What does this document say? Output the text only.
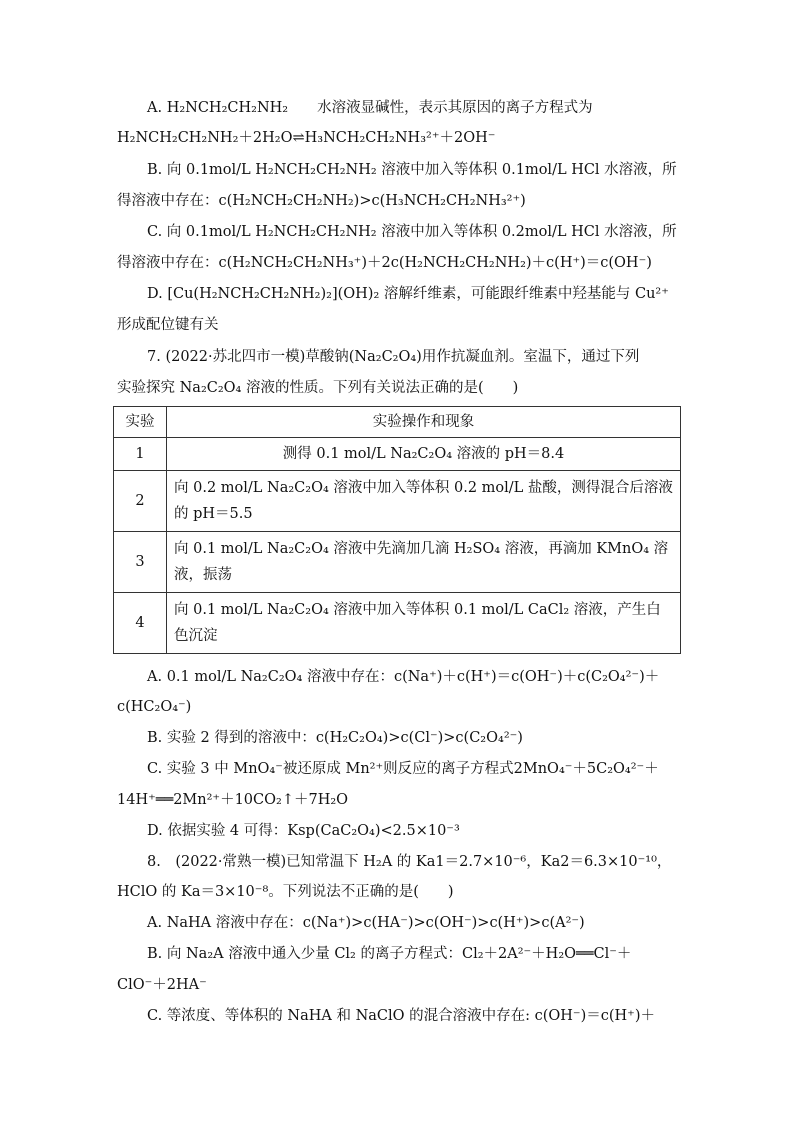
A. H₂NCH₂CH₂NH₂　　水溶液显碱性，表示其原因的离子方程式为
H₂NCH₂CH₂NH₂＋2H₂O⇌H₃NCH₂CH₂NH₃²⁺＋2OH⁻
B. 向 0.1mol/L H₂NCH₂CH₂NH₂ 溶液中加入等体积 0.1mol/L HCl 水溶液，所
得溶液中存在：c(H₂NCH₂CH₂NH₂)>c(H₃NCH₂CH₂NH₃²⁺)
C. 向 0.1mol/L H₂NCH₂CH₂NH₂ 溶液中加入等体积 0.2mol/L HCl 水溶液，所
得溶液中存在：c(H₂NCH₂CH₂NH₃⁺)＋2c(H₂NCH₂CH₂NH₂)＋c(H⁺)＝c(OH⁻)
D. [Cu(H₂NCH₂CH₂NH₂)₂](OH)₂ 溶解纤维素，可能跟纤维素中羟基能与 Cu²⁺
形成配位键有关
7. (2022·苏北四市一模)草酸钠(Na₂C₂O₄)用作抗凝血剂。室温下，通过下列
实验探究 Na₂C₂O₄ 溶液的性质。下列有关说法正确的是(　　)
实验	实验操作和现象
1	测得 0.1 mol/L Na₂C₂O₄ 溶液的 pH＝8.4
2	向 0.2 mol/L Na₂C₂O₄ 溶液中加入等体积 0.2 mol/L 盐酸，测得混合后溶液的 pH＝5.5
3	向 0.1 mol/L Na₂C₂O₄ 溶液中先滴加几滴 H₂SO₄ 溶液，再滴加 KMnO₄ 溶液，振荡
4	向 0.1 mol/L Na₂C₂O₄ 溶液中加入等体积 0.1 mol/L CaCl₂ 溶液，产生白色沉淀
A. 0.1 mol/L Na₂C₂O₄ 溶液中存在：c(Na⁺)＋c(H⁺)＝c(OH⁻)＋c(C₂O₄²⁻)＋
c(HC₂O₄⁻)
B. 实验 2 得到的溶液中：c(H₂C₂O₄)>c(Cl⁻)>c(C₂O₄²⁻)
C. 实验 3 中 MnO₄⁻被还原成 Mn²⁺则反应的离子方程式2MnO₄⁻＋5C₂O₄²⁻＋
14H⁺══2Mn²⁺＋10CO₂↑＋7H₂O
D. 依据实验 4 可得：Ksp(CaC₂O₄)<2.5×10⁻³
8.　(2022·常熟一模)已知常温下 H₂A 的 Ka1＝2.7×10⁻⁶，Ka2＝6.3×10⁻¹⁰，
HClO 的 Ka＝3×10⁻⁸。下列说法不正确的是(　　)
A. NaHA 溶液中存在：c(Na⁺)>c(HA⁻)>c(OH⁻)>c(H⁺)>c(A²⁻)
B. 向 Na₂A 溶液中通入少量 Cl₂ 的离子方程式：Cl₂＋2A²⁻＋H₂O══Cl⁻＋
ClO⁻＋2HA⁻
C. 等浓度、等体积的 NaHA 和 NaClO 的混合溶液中存在: c(OH⁻)＝c(H⁺)＋
